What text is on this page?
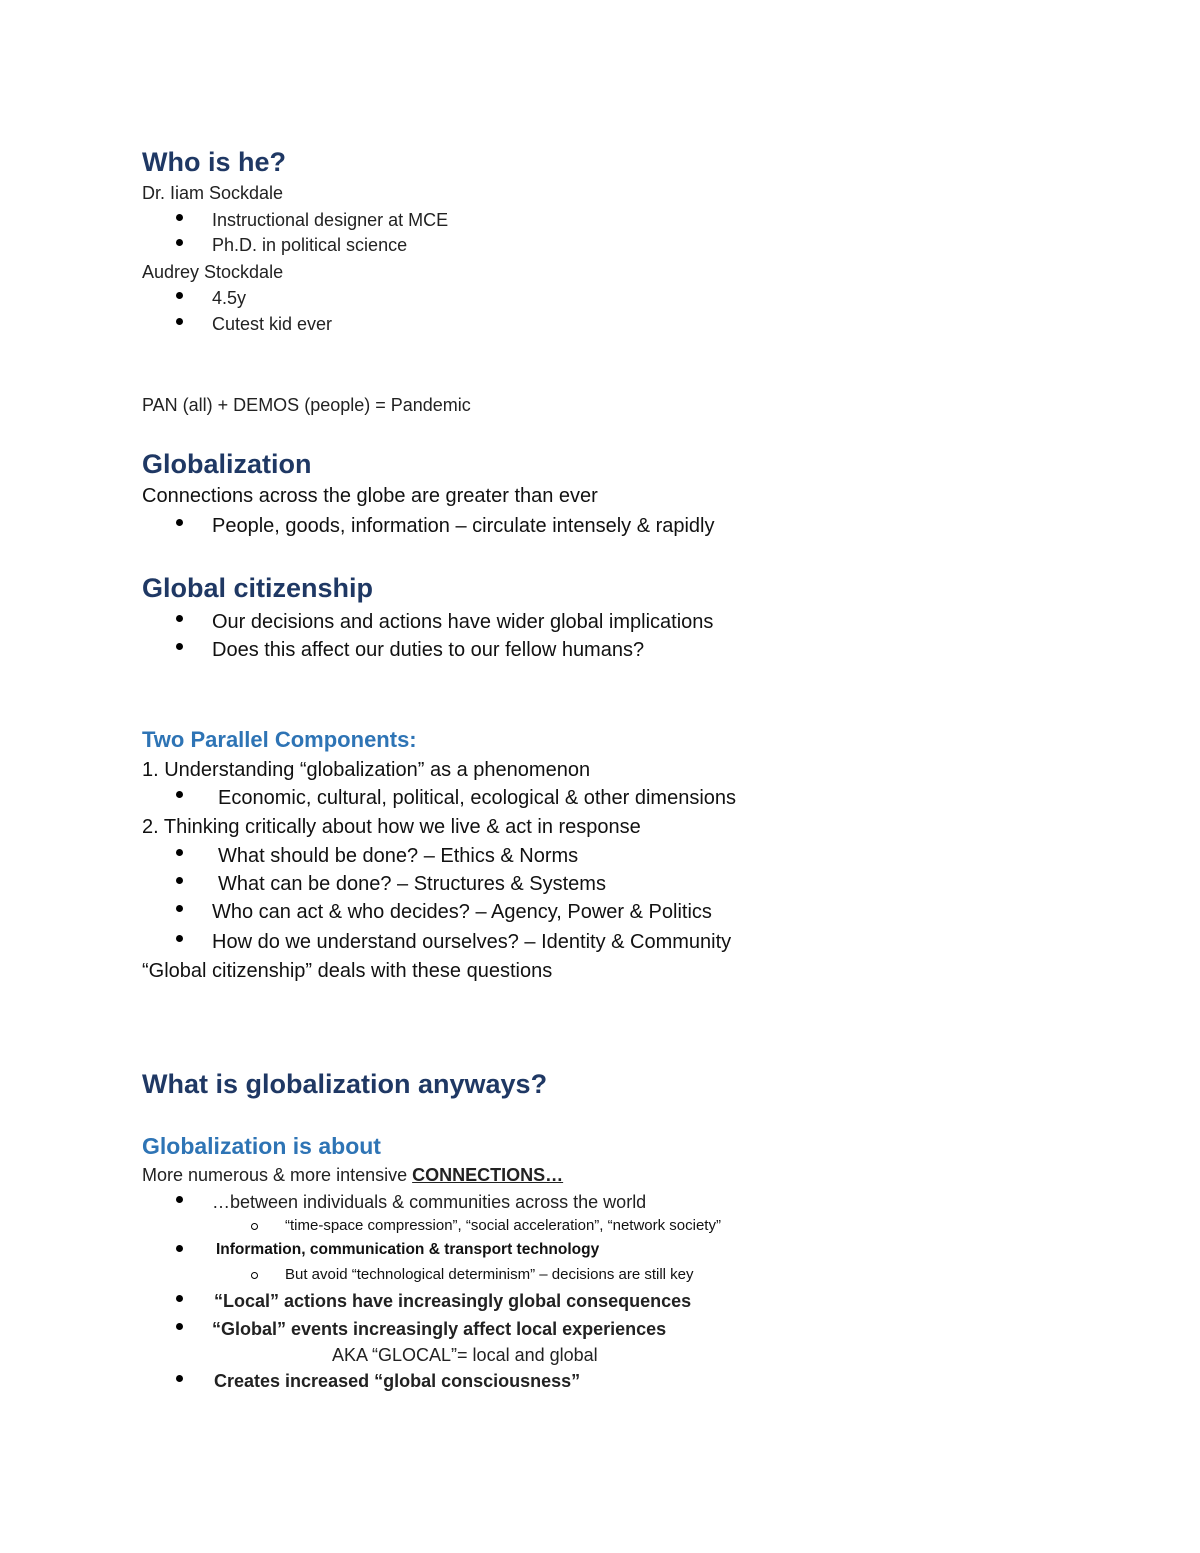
Who is he?
Dr. Iiam Sockdale
Instructional designer at MCE
Ph.D. in political science
Audrey Stockdale
4.5y
Cutest kid ever
PAN (all) + DEMOS (people) = Pandemic
Globalization
Connections across the globe are greater than ever
People, goods, information – circulate intensely & rapidly
Global citizenship
Our decisions and actions have wider global implications
Does this affect our duties to our fellow humans?
Two Parallel Components:
1. Understanding “globalization” as a phenomenon
Economic, cultural, political, ecological & other dimensions
2. Thinking critically about how we live & act in response
What should be done? – Ethics & Norms
What can be done? – Structures & Systems
Who can act & who decides? – Agency, Power & Politics
How do we understand ourselves? – Identity & Community
“Global citizenship” deals with these questions
What is globalization anyways?
Globalization is about
More numerous & more intensive CONNECTIONS…
…between individuals & communities across the world
“time-space compression”, “social acceleration”, “network society”
Information, communication & transport technology
But avoid “technological determinism” – decisions are still key
“Local” actions have increasingly global consequences
“Global” events increasingly affect local experiences
AKA “GLOCAL”= local and global
Creates increased “global consciousness”
